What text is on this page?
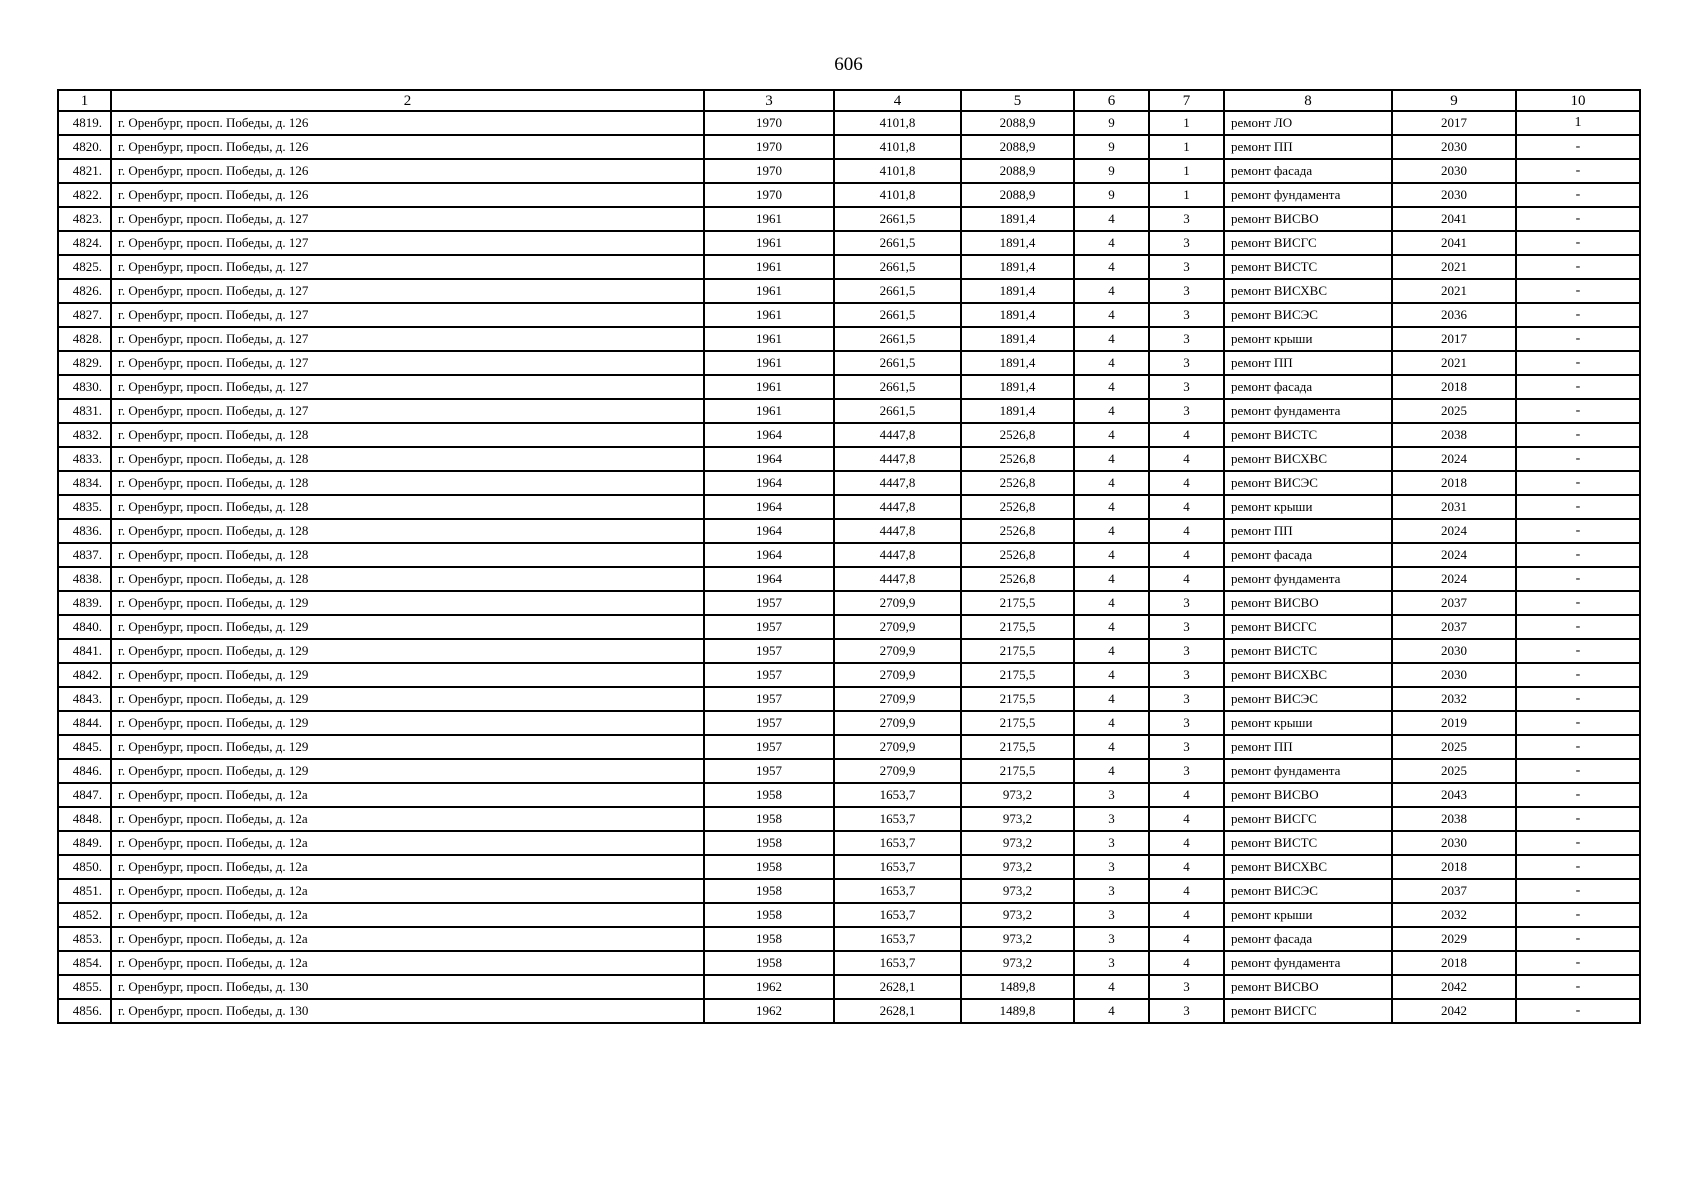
606
1	2	3	4	5	6	7	8	9	10
4819.	г. Оренбург, просп. Победы, д. 126	1970	4101,8	2088,9	9	1	ремонт ЛО	2017	1
4820.	г. Оренбург, просп. Победы, д. 126	1970	4101,8	2088,9	9	1	ремонт ПП	2030	-
4821.	г. Оренбург, просп. Победы, д. 126	1970	4101,8	2088,9	9	1	ремонт фасада	2030	-
4822.	г. Оренбург, просп. Победы, д. 126	1970	4101,8	2088,9	9	1	ремонт фундамента	2030	-
4823.	г. Оренбург, просп. Победы, д. 127	1961	2661,5	1891,4	4	3	ремонт ВИСВО	2041	-
4824.	г. Оренбург, просп. Победы, д. 127	1961	2661,5	1891,4	4	3	ремонт ВИСГС	2041	-
4825.	г. Оренбург, просп. Победы, д. 127	1961	2661,5	1891,4	4	3	ремонт ВИСТС	2021	-
4826.	г. Оренбург, просп. Победы, д. 127	1961	2661,5	1891,4	4	3	ремонт ВИСХВС	2021	-
4827.	г. Оренбург, просп. Победы, д. 127	1961	2661,5	1891,4	4	3	ремонт ВИСЭС	2036	-
4828.	г. Оренбург, просп. Победы, д. 127	1961	2661,5	1891,4	4	3	ремонт крыши	2017	-
4829.	г. Оренбург, просп. Победы, д. 127	1961	2661,5	1891,4	4	3	ремонт ПП	2021	-
4830.	г. Оренбург, просп. Победы, д. 127	1961	2661,5	1891,4	4	3	ремонт фасада	2018	-
4831.	г. Оренбург, просп. Победы, д. 127	1961	2661,5	1891,4	4	3	ремонт фундамента	2025	-
4832.	г. Оренбург, просп. Победы, д. 128	1964	4447,8	2526,8	4	4	ремонт ВИСТС	2038	-
4833.	г. Оренбург, просп. Победы, д. 128	1964	4447,8	2526,8	4	4	ремонт ВИСХВС	2024	-
4834.	г. Оренбург, просп. Победы, д. 128	1964	4447,8	2526,8	4	4	ремонт ВИСЭС	2018	-
4835.	г. Оренбург, просп. Победы, д. 128	1964	4447,8	2526,8	4	4	ремонт крыши	2031	-
4836.	г. Оренбург, просп. Победы, д. 128	1964	4447,8	2526,8	4	4	ремонт ПП	2024	-
4837.	г. Оренбург, просп. Победы, д. 128	1964	4447,8	2526,8	4	4	ремонт фасада	2024	-
4838.	г. Оренбург, просп. Победы, д. 128	1964	4447,8	2526,8	4	4	ремонт фундамента	2024	-
4839.	г. Оренбург, просп. Победы, д. 129	1957	2709,9	2175,5	4	3	ремонт ВИСВО	2037	-
4840.	г. Оренбург, просп. Победы, д. 129	1957	2709,9	2175,5	4	3	ремонт ВИСГС	2037	-
4841.	г. Оренбург, просп. Победы, д. 129	1957	2709,9	2175,5	4	3	ремонт ВИСТС	2030	-
4842.	г. Оренбург, просп. Победы, д. 129	1957	2709,9	2175,5	4	3	ремонт ВИСХВС	2030	-
4843.	г. Оренбург, просп. Победы, д. 129	1957	2709,9	2175,5	4	3	ремонт ВИСЭС	2032	-
4844.	г. Оренбург, просп. Победы, д. 129	1957	2709,9	2175,5	4	3	ремонт крыши	2019	-
4845.	г. Оренбург, просп. Победы, д. 129	1957	2709,9	2175,5	4	3	ремонт ПП	2025	-
4846.	г. Оренбург, просп. Победы, д. 129	1957	2709,9	2175,5	4	3	ремонт фундамента	2025	-
4847.	г. Оренбург, просп. Победы, д. 12а	1958	1653,7	973,2	3	4	ремонт ВИСВО	2043	-
4848.	г. Оренбург, просп. Победы, д. 12а	1958	1653,7	973,2	3	4	ремонт ВИСГС	2038	-
4849.	г. Оренбург, просп. Победы, д. 12а	1958	1653,7	973,2	3	4	ремонт ВИСТС	2030	-
4850.	г. Оренбург, просп. Победы, д. 12а	1958	1653,7	973,2	3	4	ремонт ВИСХВС	2018	-
4851.	г. Оренбург, просп. Победы, д. 12а	1958	1653,7	973,2	3	4	ремонт ВИСЭС	2037	-
4852.	г. Оренбург, просп. Победы, д. 12а	1958	1653,7	973,2	3	4	ремонт крыши	2032	-
4853.	г. Оренбург, просп. Победы, д. 12а	1958	1653,7	973,2	3	4	ремонт фасада	2029	-
4854.	г. Оренбург, просп. Победы, д. 12а	1958	1653,7	973,2	3	4	ремонт фундамента	2018	-
4855.	г. Оренбург, просп. Победы, д. 130	1962	2628,1	1489,8	4	3	ремонт ВИСВО	2042	-
4856.	г. Оренбург, просп. Победы, д. 130	1962	2628,1	1489,8	4	3	ремонт ВИСГС	2042	-
